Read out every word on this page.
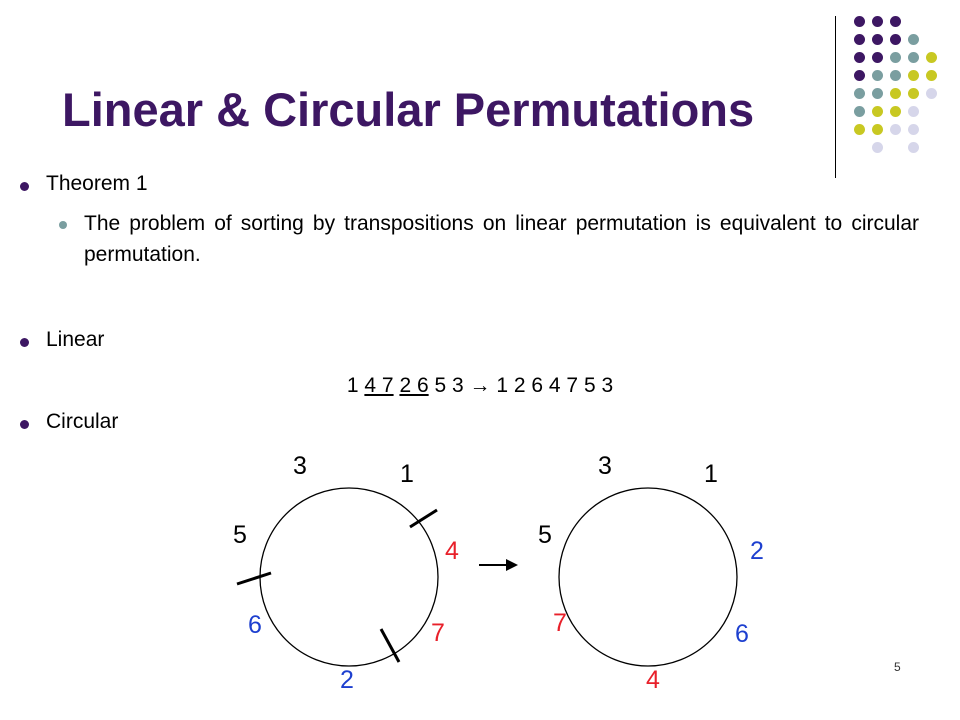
Linear & Circular Permutations
Theorem 1
The problem of sorting by transpositions on linear permutation is equivalent to circular permutation.
Linear
1 4 7 2 6 5 3 → 1 2 6 4 7 5 3
Circular
3	1
4
7
2
6
5
3	1
2
6
4
7
5
5
